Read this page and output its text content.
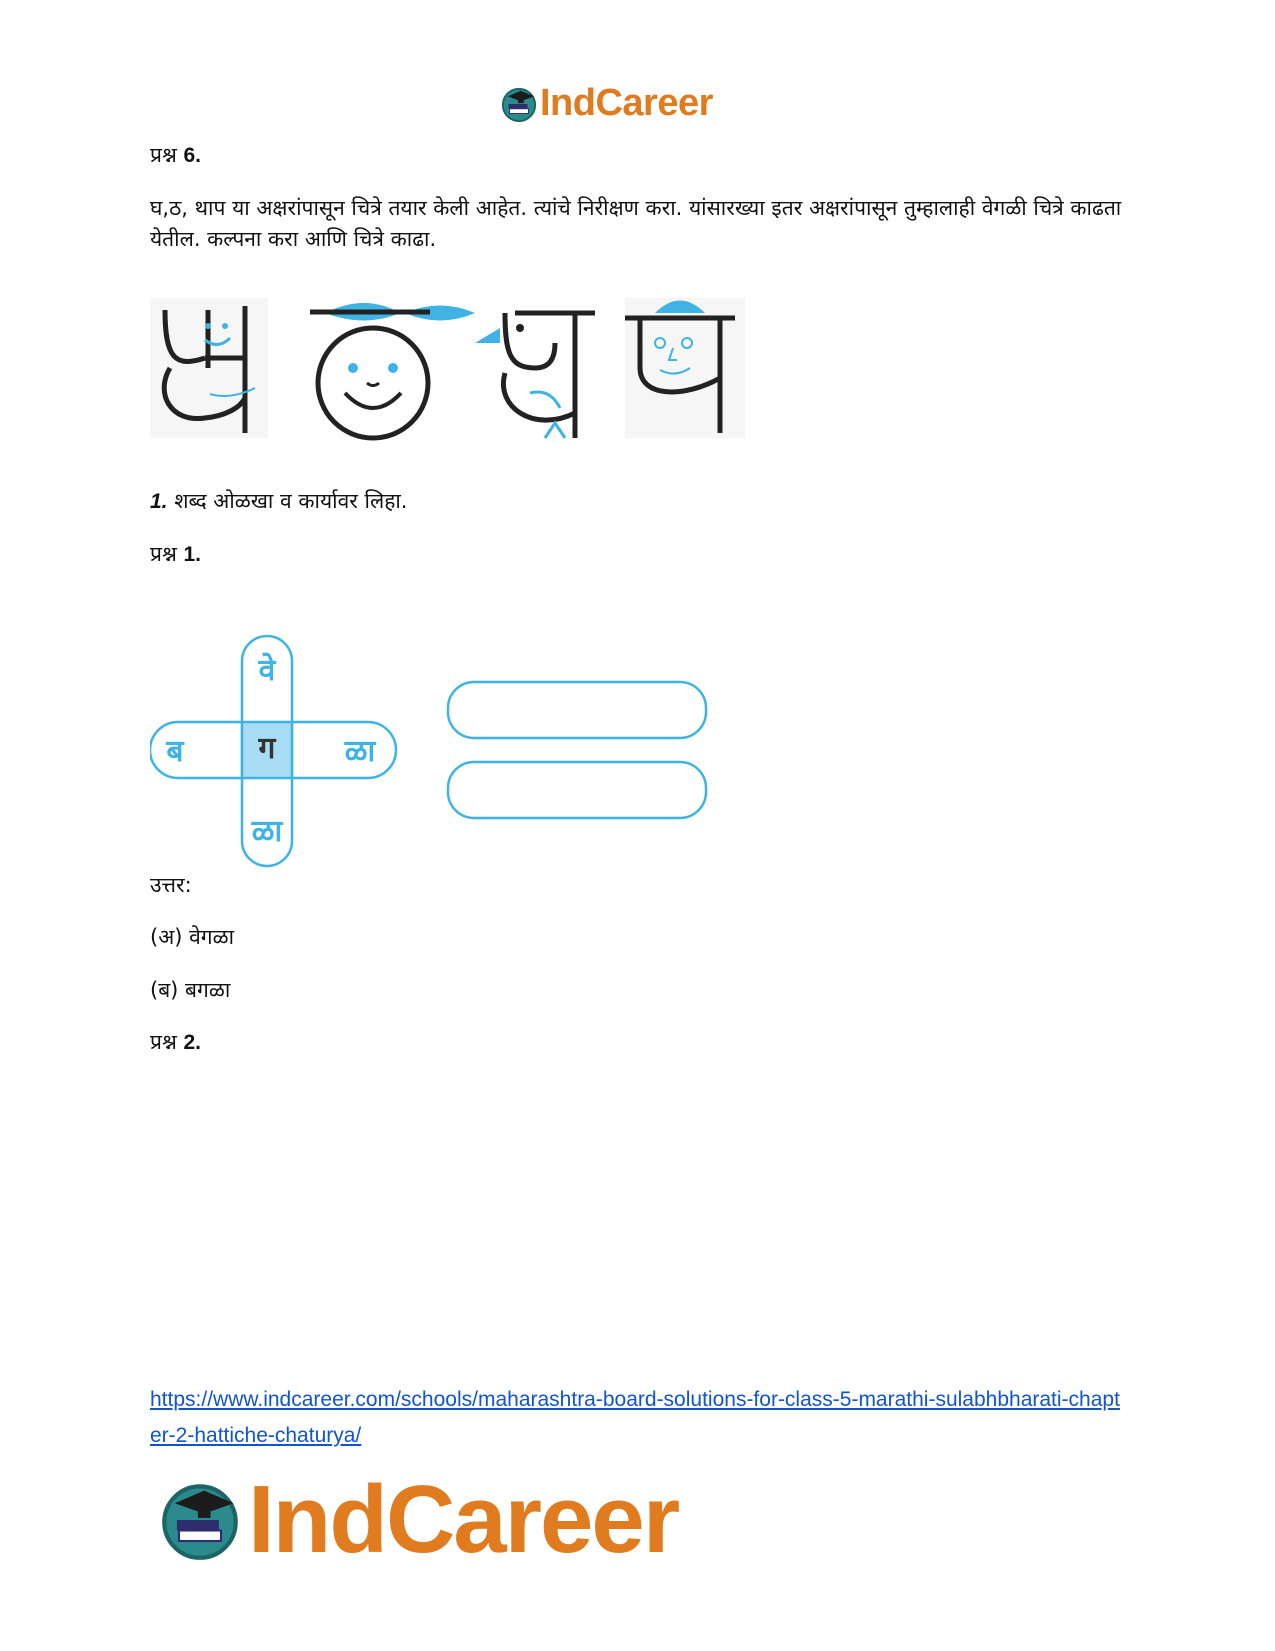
IndCareer
प्रश्न 6.
घ,ठ, थाप या अक्षरांपासून चित्रे तयार केली आहेत. त्यांचे निरीक्षण करा. यांसारख्या इतर अक्षरांपासून तुम्हालाही वेगळी चित्रे काढता येतील. कल्पना करा आणि चित्रे काढा.
1. शब्द ओळखा व कार्यावर लिहा.
प्रश्न 1.
वे
ब ग ळा
ळा
उत्तर:
(अ) वेगळा
(ब) बगळा
प्रश्न 2.
https://www.indcareer.com/schools/maharashtra-board-solutions-for-class-5-marathi-sulabhbharati-chapter-2-hattiche-chaturya/
IndCareer
